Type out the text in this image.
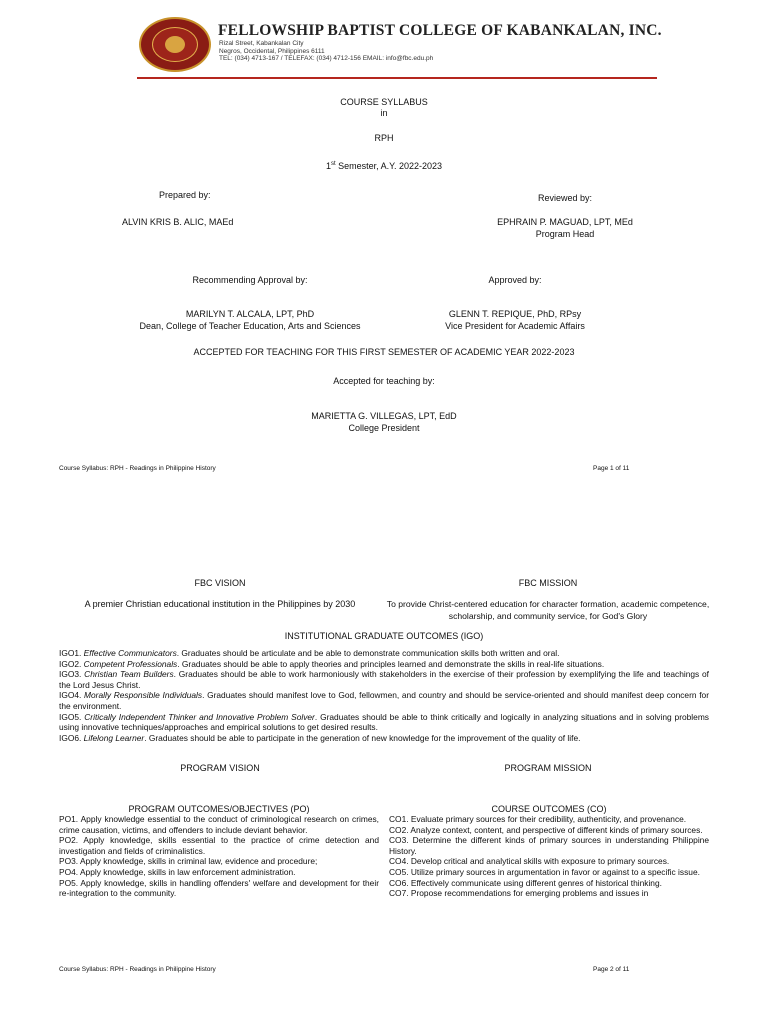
FELLOWSHIP BAPTIST COLLEGE OF KABANKALAN, INC.
Rizal Street, Kabankalan City
Negros, Occidental, Philippines 6111
TEL: (034) 4713-167 / TELEFAX: (034) 4712-156 EMAIL: info@fbc.edu.ph
COURSE SYLLABUS
in
RPH
1st Semester, A.Y. 2022-2023
Prepared by:
ALVIN KRIS B. ALIC, MAEd
Reviewed by:
EPHRAIN P. MAGUAD, LPT, MEd
Program Head
Recommending Approval by:
MARILYN T. ALCALA, LPT, PhD
Dean, College of Teacher Education, Arts and Sciences
Approved by:
GLENN T. REPIQUE, PhD, RPsy
Vice President for Academic Affairs
ACCEPTED FOR TEACHING FOR THIS FIRST SEMESTER OF ACADEMIC YEAR 2022-2023
Accepted for teaching by:
MARIETTA G. VILLEGAS, LPT, EdD
College President
Course Syllabus: RPH - Readings in Philippine History	Page 1 of 11
FBC VISION
A premier Christian educational institution in the Philippines by 2030
FBC MISSION
To provide Christ-centered education for character formation, academic competence, scholarship, and community service, for God's Glory
INSTITUTIONAL GRADUATE OUTCOMES (IGO)
IGO1. Effective Communicators. Graduates should be articulate and be able to demonstrate communication skills both written and oral.
IGO2. Competent Professionals. Graduates should be able to apply theories and principles learned and demonstrate the skills in real-life situations.
IGO3. Christian Team Builders. Graduates should be able to work harmoniously with stakeholders in the exercise of their profession by exemplifying the life and teachings of the Lord Jesus Christ.
IGO4. Morally Responsible Individuals. Graduates should manifest love to God, fellowmen, and country and should be service-oriented and should manifest deep concern for the environment.
IGO5. Critically Independent Thinker and Innovative Problem Solver. Graduates should be able to think critically and logically in analyzing situations and in solving problems using innovative techniques/approaches and empirical solutions to get desired results.
IGO6. Lifelong Learner. Graduates should be able to participate in the generation of new knowledge for the improvement of the quality of life.
PROGRAM VISION	PROGRAM MISSION
PROGRAM OUTCOMES/OBJECTIVES (PO)
PO1. Apply knowledge essential to the conduct of criminological research on crimes, crime causation, victims, and offenders to include deviant behavior.
PO2. Apply knowledge, skills essential to the practice of crime detection and investigation and fields of criminalistics.
PO3. Apply knowledge, skills in criminal law, evidence and procedure;
PO4. Apply knowledge, skills in law enforcement administration.
PO5. Apply knowledge, skills in handling offenders' welfare and development for their re-integration to the community.
COURSE OUTCOMES (CO)
CO1. Evaluate primary sources for their credibility, authenticity, and provenance.
CO2. Analyze context, content, and perspective of different kinds of primary sources.
CO3. Determine the different kinds of primary sources in understanding Philippine History.
CO4. Develop critical and analytical skills with exposure to primary sources.
CO5. Utilize primary sources in argumentation in favor or against to a specific issue.
CO6. Effectively communicate using different genres of historical thinking.
CO7. Propose recommendations for emerging problems and issues in
Course Syllabus: RPH - Readings in Philippine History	Page 2 of 11
